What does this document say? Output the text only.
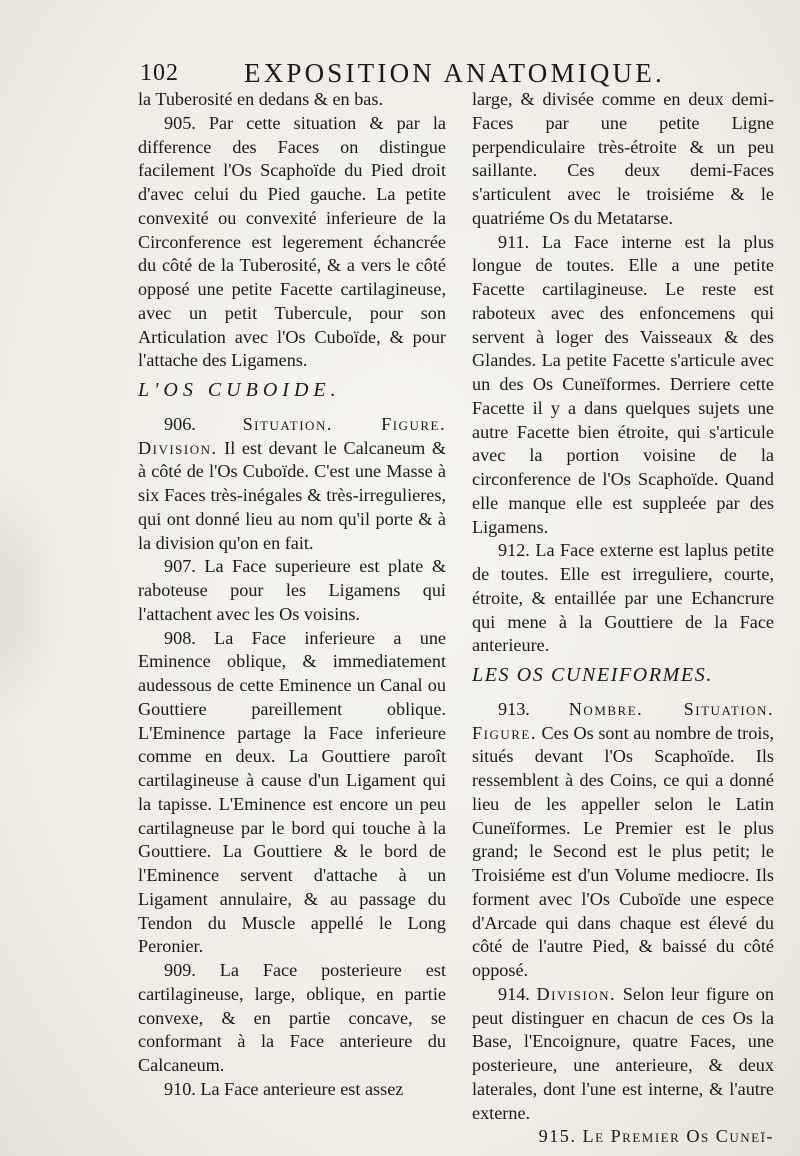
102 EXPOSITION ANATOMIQUE.

la Tuberosité en dedans & en bas.

905. Par cette situation & par la difference des Faces on distingue facilement l'Os Scaphoïde du Pied droit d'avec celui du Pied gauche. La petite convexité ou convexité inferieure de la Circonference est legerement échancrée du côté de la Tuberosité, & a vers le côté opposé une petite Facette cartilagineuse, avec un petit Tubercule, pour son Articulation avec l'Os Cuboïde, & pour l'attache des Ligamens.

L'OS CUBOIDE.

906.	Situation. Figure. Division. Il est devant le Calcaneum & à côté de l'Os Cuboïde. C'est une Masse à six Faces très-inégales & très-irregulieres, qui ont donné lieu au nom qu'il porte & à la division qu'on en fait.

907. La Face superieure est plate & raboteuse pour les Ligamens qui l'attachent avec les Os voisins.

908. La Face inferieure a une Eminence oblique, & immediatement audessous de cette Eminence un Canal ou Gouttiere pareillement oblique. L'Eminence partage la Face inferieure comme en deux. La Gouttiere paroît cartilagineuse à cause d'un Ligament qui la tapisse. L'Eminence est encore un peu cartilagneuse par le bord qui touche à la Gouttiere. La Gouttiere & le bord de l'Eminence servent d'attache à un Ligament annulaire, & au passage du Tendon du Muscle appellé le Long Peronier.

909. La Face posterieure est cartilagineuse, large, oblique, en partie convexe, & en partie concave, se conformant à la Face anterieure du Calcaneum.

910. La Face anterieure est assez

large, & divisée comme en deux demi-Faces par une petite Ligne perpendiculaire très-étroite & un peu saillante. Ces deux demi-Faces s'articulent avec le troisiéme & le quatriéme Os du Metatarse.

911. La Face interne est la plus longue de toutes. Elle a une petite Facette cartilagineuse. Le reste est raboteux avec des enfoncemens qui servent à loger des Vaisseaux & des Glandes. La petite Facette s'articule avec un des Os Cuneïformes. Derriere cette Facette il y a dans quelques sujets une autre Facette bien étroite, qui s'articule avec la portion voisine de la circonference de l'Os Scaphoïde. Quand elle manque elle est suppleée par des Ligamens.

912. La Face externe est laplus petite de toutes. Elle est irreguliere, courte, étroite, & entaillée par une Echancrure qui mene à la Gouttiere de la Face anterieure.

LES OS CUNEIFORMES.

913. Nombre. Situation. Figure. Ces Os sont au nombre de trois, situés devant l'Os Scaphoïde. Ils ressemblent à des Coins, ce qui a donné lieu de les appeller selon le Latin Cuneïformes. Le Premier est le plus grand; le Second est le plus petit; le Troisiéme est d'un Volume mediocre. Ils forment avec l'Os Cuboïde une espece d'Arcade qui dans chaque est élevé du côté de l'autre Pied, & baissé du côté opposé.

914. Division. Selon leur figure on peut distinguer en chacun de ces Os la Base, l'Encoignure, quatre Faces, une posterieure, une anterieure, & deux laterales, dont l'une est interne, & l'autre externe.

915. Le Premier Os Cuneï-
